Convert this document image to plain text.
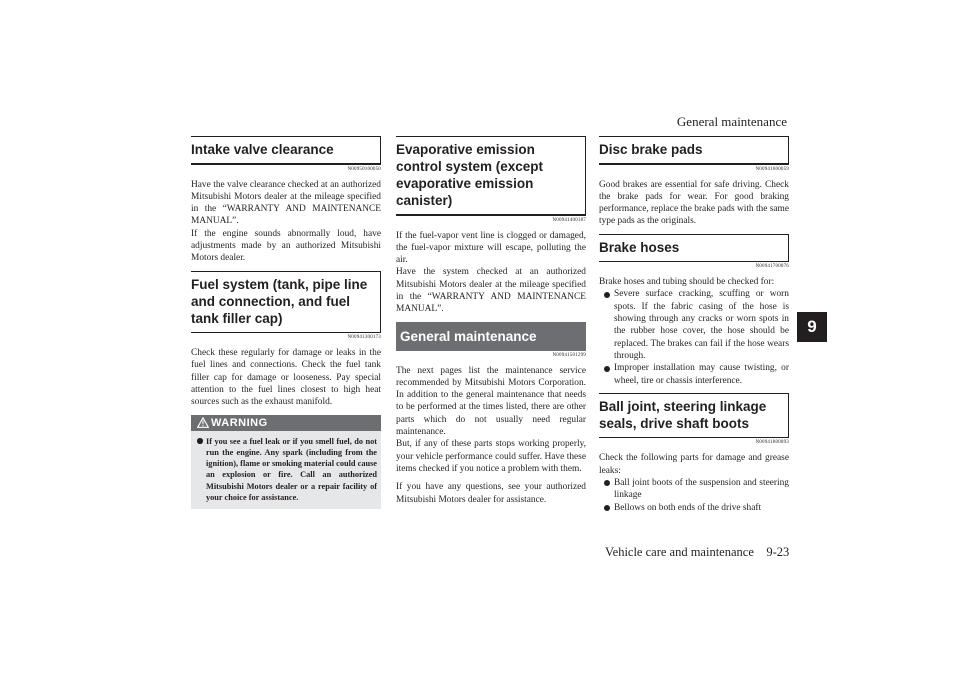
General maintenance
9
Intake valve clearance
N00950100050

Have the valve clearance checked at an authorized Mitsubishi Motors dealer at the mileage specified in the “WARRANTY AND MAINTENANCE MANUAL”.

If the engine sounds abnormally loud, have adjustments made by an authorized Mitsubishi Motors dealer.

Fuel system (tank, pipe line and connection, and fuel tank filler cap)
N00941300173

Check these regularly for damage or leaks in the fuel lines and connections. Check the fuel tank filler cap for damage or looseness. Pay special attention to the fuel lines closest to high heat sources such as the exhaust manifold.

WARNING
If you see a fuel leak or if you smell fuel, do not run the engine. Any spark (including from the ignition), flame or smoking material could cause an explosion or fire. Call an authorized Mitsubishi Motors dealer or a repair facility of your choice for assistance.
Evaporative emission control system (except evaporative emission canister)
N00941400187

If the fuel-vapor vent line is clogged or damaged, the fuel-vapor mixture will escape, polluting the air.

Have the system checked at an authorized Mitsubishi Motors dealer at the mileage specified in the “WARRANTY AND MAINTENANCE MANUAL”.

General maintenance
N00941501299

The next pages list the maintenance service recommended by Mitsubishi Motors Corporation. In addition to the general maintenance that needs to be performed at the times listed, there are other parts which do not usually need regular maintenance.

But, if any of these parts stops working properly, your vehicle performance could suffer. Have these items checked if you notice a problem with them.

If you have any questions, see your authorized Mitsubishi Motors dealer for assistance.

Disc brake pads
N00941600059

Good brakes are essential for safe driving. Check the brake pads for wear. For good braking performance, replace the brake pads with the same type pads as the originals.

Brake hoses
N00941700076

Brake hoses and tubing should be checked for:

Severe surface cracking, scuffing or worn spots. If the fabric casing of the hose is showing through any cracks or worn spots in the rubber hose cover, the hose should be replaced. The brakes can fail if the hose wears through.
Improper installation may cause twisting, or wheel, tire or chassis interference.
Ball joint, steering linkage seals, drive shaft boots
N00941800093

Check the following parts for damage and grease leaks:

Ball joint boots of the suspension and steering linkage
Bellows on both ends of the drive shaft
Vehicle care and maintenance 9-23
